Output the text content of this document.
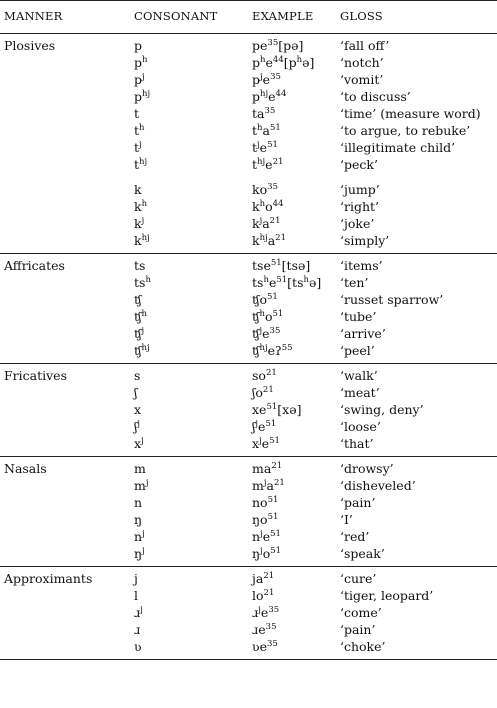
MANNER	CONSONANT	EXAMPLE	GLOSS
Plosives	p	$pe^{35}[pə]$	‘fall off’
	$p^h$	$p^he^{44}[p^hə]$	‘notch’
	$p^j$	$p^je^{35}$	‘vomit’
	$p^{hj}$	$p^{hj}e^{44}$	‘to discuss’
	t	$ta^{35}$	‘time’ (measure word)
	$t^h$	$t^ha^{51}$	‘to argue, to rebuke’
	$t^j$	$t^je^{51}$	‘illegitimate child’
	$t^{hj}$	$t^{hj}e^{21}$	‘peck’
	k	$ko^{35}$	‘jump’
	$k^h$	$k^ho^{44}$	‘right’
	$k^j$	$k^ja^{21}$	‘joke’
	$k^{hj}$	$k^{hj}a^{21}$	‘simply’
Affricates	ts	tse$^{51}$[tsə]	‘items’
	$ts^h$	$ts^he^{51}[ts^hə]$	‘ten’
	ʧ	ʧo$^{51}$	‘russet sparrow’
	ʧ$^h$	$ʧ^ho^{51}$	‘tube’
	ʧ$^j$	$ʧ^je^{35}$	‘arrive’
	ʧ$^{hj}$	ʧ$^{hj}$eʔ$^{55}$	‘peel’
Fricatives	s	$so^{21}$	‘walk’
	ʃ	ʃo$^{21}$	‘meat’
	x	$xe^{51}[xə]$	‘swing, deny’
	ʃ$^j$	$ʃ^je^{51}$	‘loose’
	$x^j$	$x^je^{51}$	‘that’
Nasals	m	$ma^{21}$	‘drowsy’
	$m^j$	$m^ja^{21}$	‘disheveled’
	n	$no^{51}$	‘pain’
	ŋ	$ŋo^{51}$	‘I’
	$n^j$	$n^je^{51}$	‘red’
	$ŋ^j$	$ŋ^jo^{51}$	‘speak’
Approximants	j	$ja^{21}$	‘cure’
	l	$lo^{21}$	‘tiger, leopard’
	ɹ$^j$	$ɹ^je^{35}$	‘come’
	ɹ	ɹe$^{35}$	‘pain’
	ʋ	ʋe$^{35}$	‘choke’
